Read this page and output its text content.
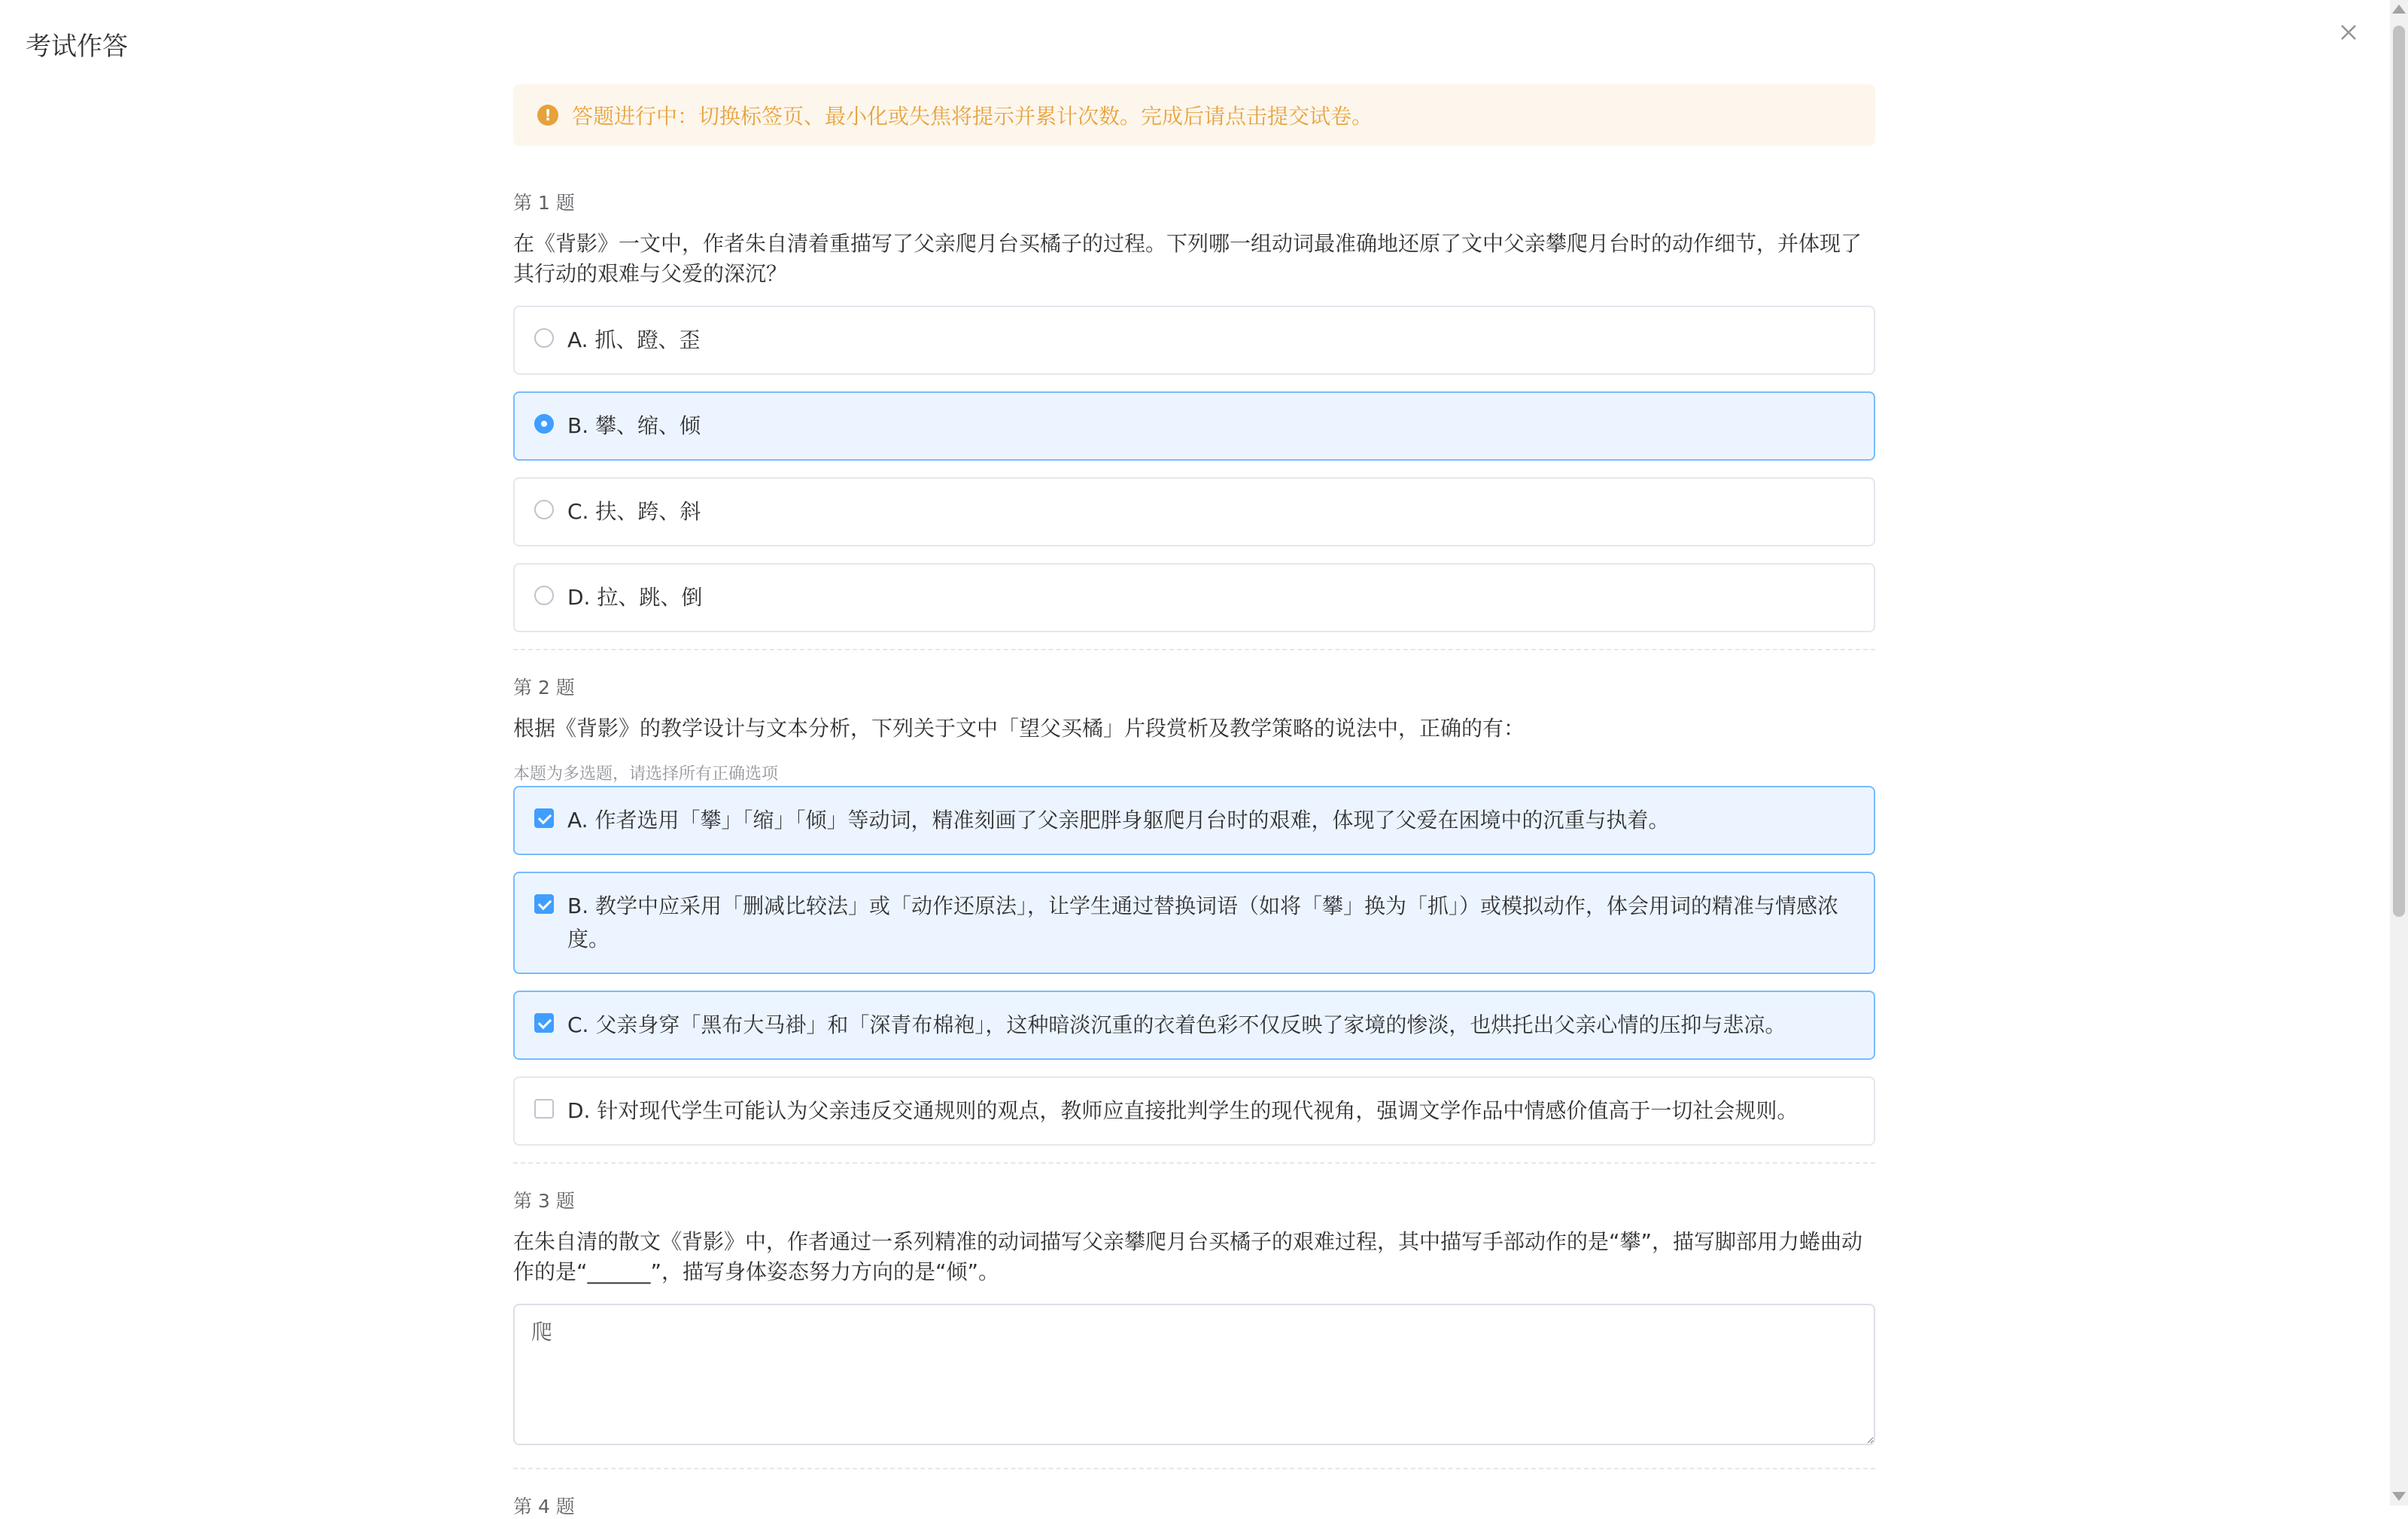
考试作答
! 答题进行中：切换标签页、最小化或失焦将提示并累计次数。完成后请点击提交试卷。
第 1 题
在《背影》一文中，作者朱自清着重描写了父亲爬月台买橘子的过程。下列哪一组动词最准确地还原了文中父亲攀爬月台时的动作细节，并体现了其行动的艰难与父爱的深沉？
A. 抓、蹬、歪
B. 攀、缩、倾
C. 扶、跨、斜
D. 拉、跳、倒
第 2 题
根据《背影》的教学设计与文本分析，下列关于文中「望父买橘」片段赏析及教学策略的说法中，正确的有：
本题为多选题，请选择所有正确选项
A. 作者选用「攀」「缩」「倾」等动词，精准刻画了父亲肥胖身躯爬月台时的艰难，体现了父爱在困境中的沉重与执着。
B. 教学中应采用「删减比较法」或「动作还原法」，让学生通过替换词语（如将「攀」换为「抓」）或模拟动作，体会用词的精准与情感浓度。
C. 父亲身穿「黑布大马褂」和「深青布棉袍」，这种暗淡沉重的衣着色彩不仅反映了家境的惨淡，也烘托出父亲心情的压抑与悲凉。
D. 针对现代学生可能认为父亲违反交通规则的观点，教师应直接批判学生的现代视角，强调文学作品中情感价值高于一切社会规则。
第 3 题
在朱自清的散文《背影》中，作者通过一系列精准的动词描写父亲攀爬月台买橘子的艰难过程，其中描写手部动作的是“攀”，描写脚部用力蜷曲动作的是“______”，描写身体姿态努力方向的是“倾”。
爬
第 4 题
